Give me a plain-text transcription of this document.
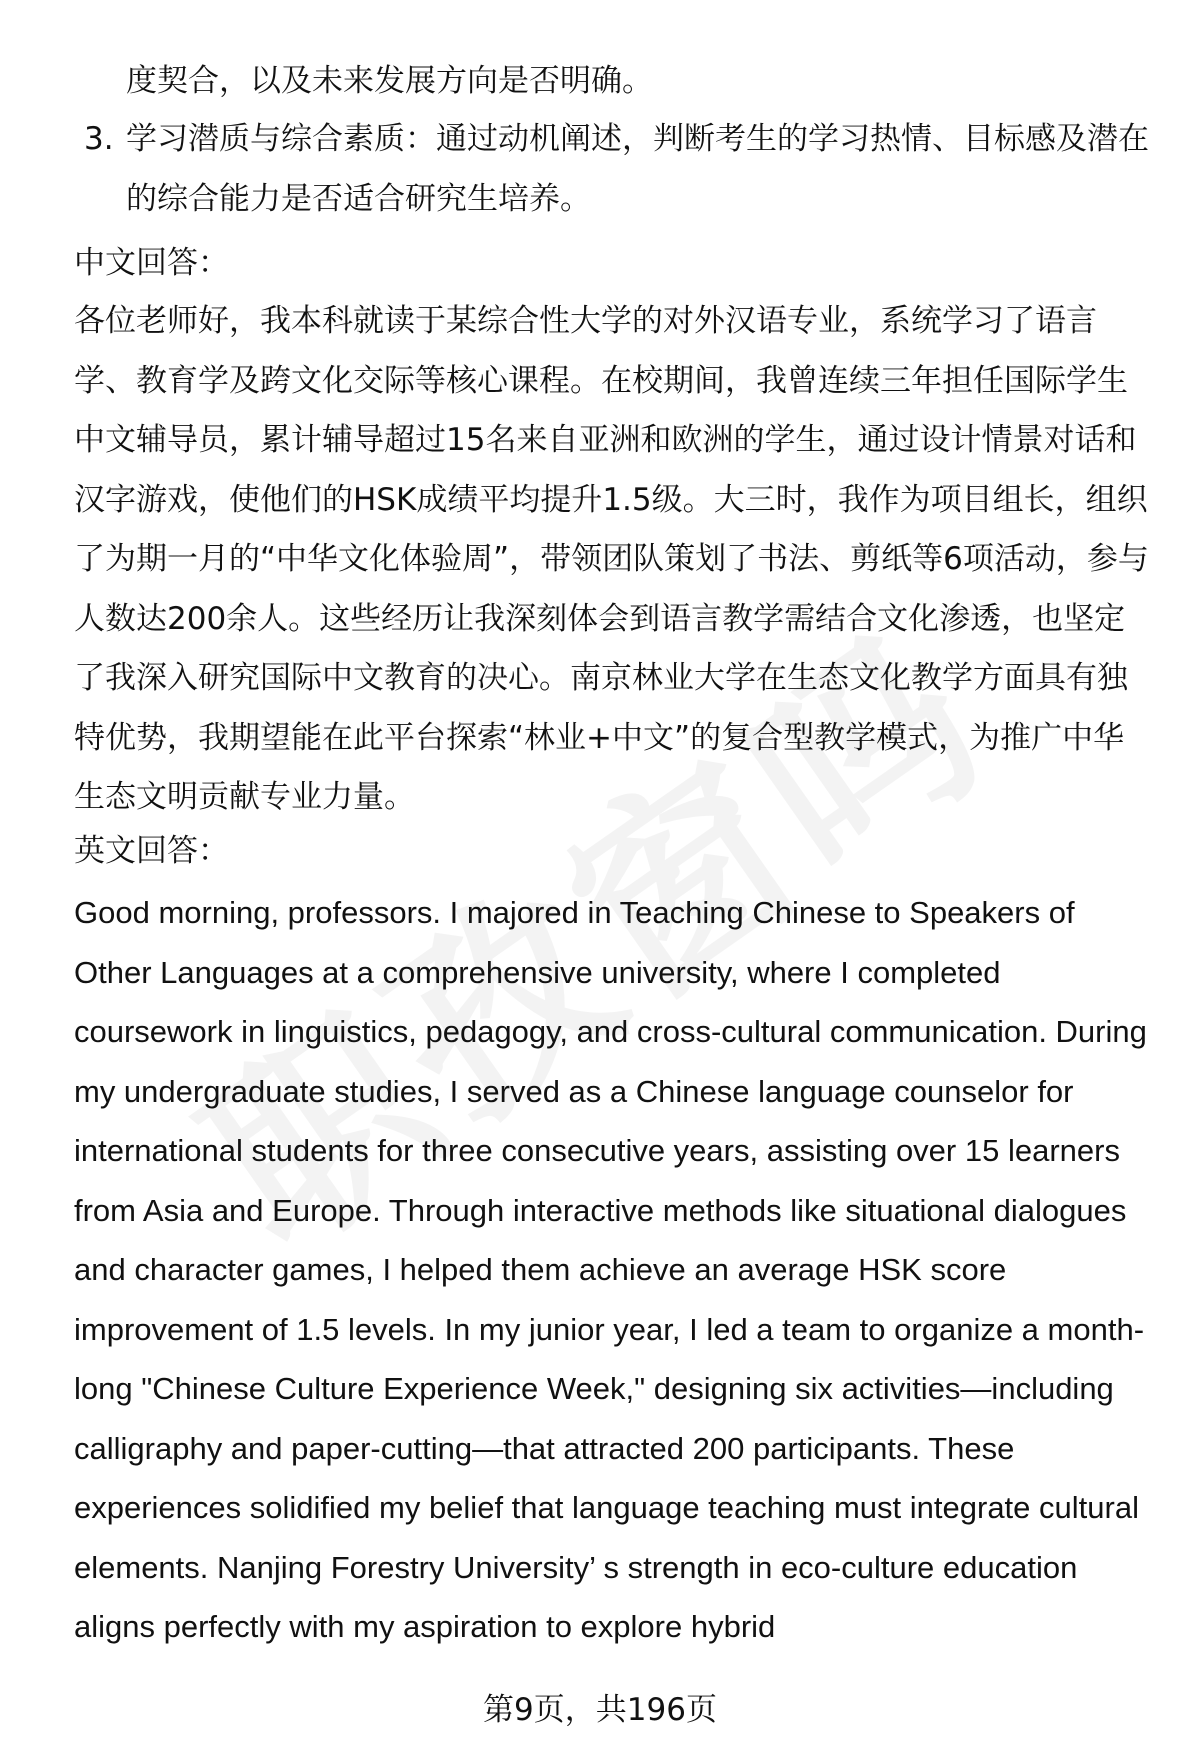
度契合，以及未来发展方向是否明确。
3. 学习潜质与综合素质：通过动机阐述，判断考生的学习热情、目标感及潜在的综合能力是否适合研究生培养。
中文回答：
各位老师好，我本科就读于某综合性大学的对外汉语专业，系统学习了语言学、教育学及跨文化交际等核心课程。在校期间，我曾连续三年担任国际学生中文辅导员，累计辅导超过15名来自亚洲和欧洲的学生，通过设计情景对话和汉字游戏，使他们的HSK成绩平均提升1.5级。大三时，我作为项目组长，组织了为期一月的“中华文化体验周”，带领团队策划了书法、剪纸等6项活动，参与人数达200余人。这些经历让我深刻体会到语言教学需结合文化渗透，也坚定了我深入研究国际中文教育的决心。南京林业大学在生态文化教学方面具有独特优势，我期望能在此平台探索“林业+中文”的复合型教学模式，为推广中华生态文明贡献专业力量。
英文回答：
Good morning, professors. I majored in Teaching Chinese to Speakers of Other Languages at a comprehensive university, where I completed coursework in linguistics, pedagogy, and cross-cultural communication. During my undergraduate studies, I served as a Chinese language counselor for international students for three consecutive years, assisting over 15 learners from Asia and Europe. Through interactive methods like situational dialogues and character games, I helped them achieve an average HSK score improvement of 1.5 levels. In my junior year, I led a team to organize a month-long "Chinese Culture Experience Week," designing six activities—including calligraphy and paper-cutting—that attracted 200 participants. These experiences solidified my belief that language teaching must integrate cultural elements. Nanjing Forestry University’ s strength in eco-culture education aligns perfectly with my aspiration to explore hybrid
第9页，共196页
